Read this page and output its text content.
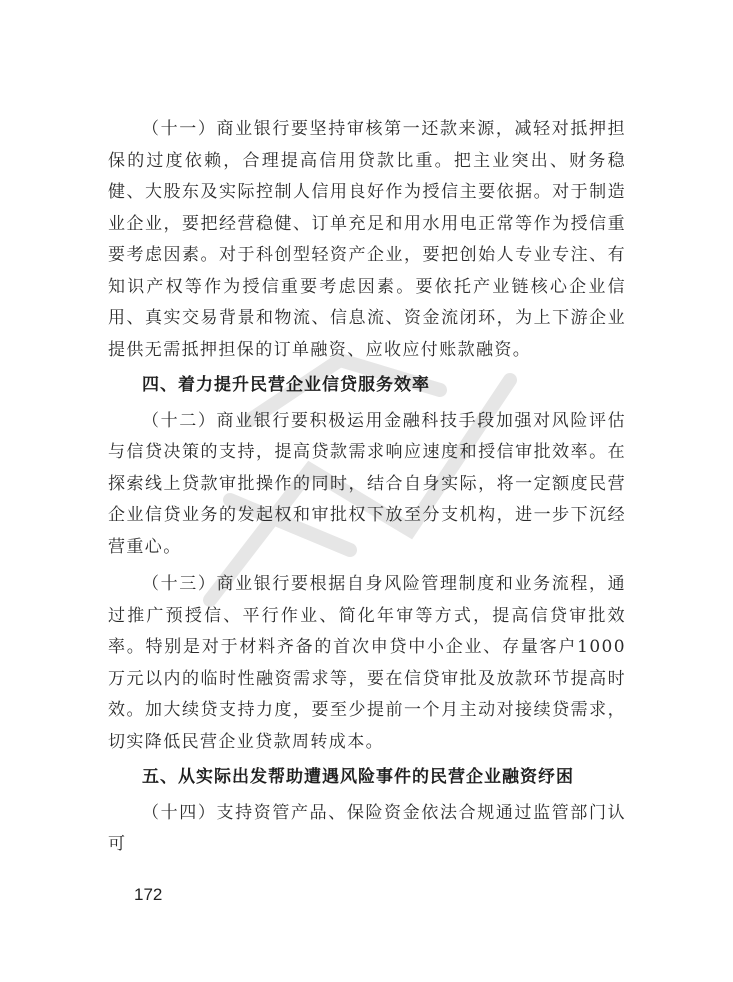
（十一）商业银行要坚持审核第一还款来源，减轻对抵押担保的过度依赖，合理提高信用贷款比重。把主业突出、财务稳健、大股东及实际控制人信用良好作为授信主要依据。对于制造业企业，要把经营稳健、订单充足和用水用电正常等作为授信重要考虑因素。对于科创型轻资产企业，要把创始人专业专注、有知识产权等作为授信重要考虑因素。要依托产业链核心企业信用、真实交易背景和物流、信息流、资金流闭环，为上下游企业提供无需抵押担保的订单融资、应收应付账款融资。

四、着力提升民营企业信贷服务效率

（十二）商业银行要积极运用金融科技手段加强对风险评估与信贷决策的支持，提高贷款需求响应速度和授信审批效率。在探索线上贷款审批操作的同时，结合自身实际，将一定额度民营企业信贷业务的发起权和审批权下放至分支机构，进一步下沉经营重心。

（十三）商业银行要根据自身风险管理制度和业务流程，通过推广预授信、平行作业、简化年审等方式，提高信贷审批效率。特别是对于材料齐备的首次申贷中小企业、存量客户1000万元以内的临时性融资需求等，要在信贷审批及放款环节提高时效。加大续贷支持力度，要至少提前一个月主动对接续贷需求，切实降低民营企业贷款周转成本。

五、从实际出发帮助遭遇风险事件的民营企业融资纾困

（十四）支持资管产品、保险资金依法合规通过监管部门认可

172
